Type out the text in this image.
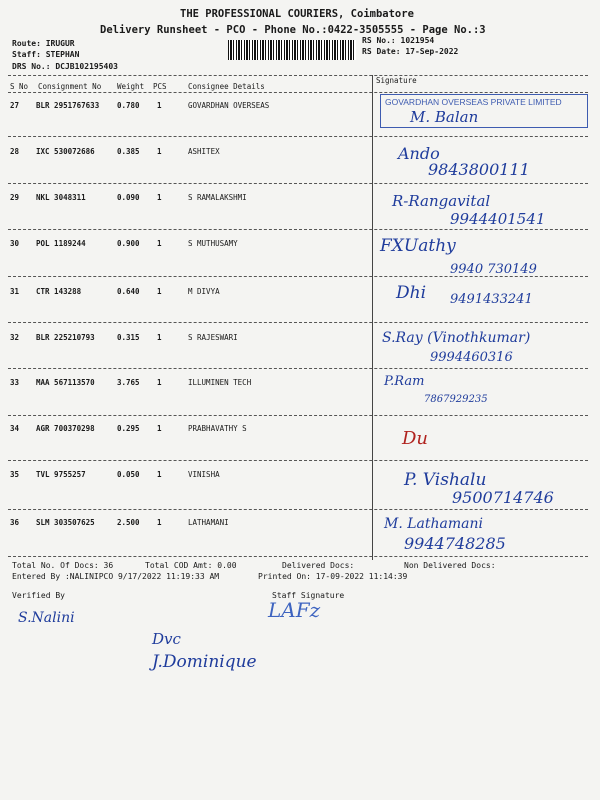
THE PROFESSIONAL COURIERS, Coimbatore
Delivery Runsheet - PCO - Phone No.:0422-3505555 - Page No.:3
Route: IRUGUR
Staff: STEPHAN
DRS No.: DCJB102195403
RS No.: 1021954
RS Date: 17-Sep-2022
S No Consignment No Weight PCS	Consignee Details
Signature
27 BLR 2951767633 0.780 1	GOVARDHAN OVERSEAS	GOVARDHAN OVERSEAS PRIVATE LIMITED
M. Balan
28 IXC 530072686	0.385 1	ASHITEX	Ando
9843800111
29 NKL 3048311	0.090 1	S RAMALAKSHMI	R-Rangavital
9944401541
30 POL 1189244	0.900 1	S MUTHUSAMY	FXUathy
9940 730149
31 CTR 143288	0.640 1	M DIVYA	Dhi 9491433241
32 BLR 225210793	0.315 1	S RAJESWARI	S.Ray (Vinothkumar)
9994460316
33 MAA 567113570	3.765 1	ILLUMINEN TECH	P.Ram
7867929235
34 AGR 700370298	0.295 1	PRABHAVATHY S	Du
35 TVL 9755257	0.050 1	VINISHA	P. Vishalu
9500714746
36 SLM 303507625	2.500 1	LATHAMANI	M. Lathamani
9944748285
Total No. Of Docs: 36	Total COD Amt: 0.00	Delivered Docs:	Non Delivered Docs:
Entered By :NALINIPCO 9/17/2022 11:19:33 AM	Printed On: 17-09-2022 11:14:39
Verified By	Staff Signature
S.Nalini	LAFz
Dvc
J.Dominique
